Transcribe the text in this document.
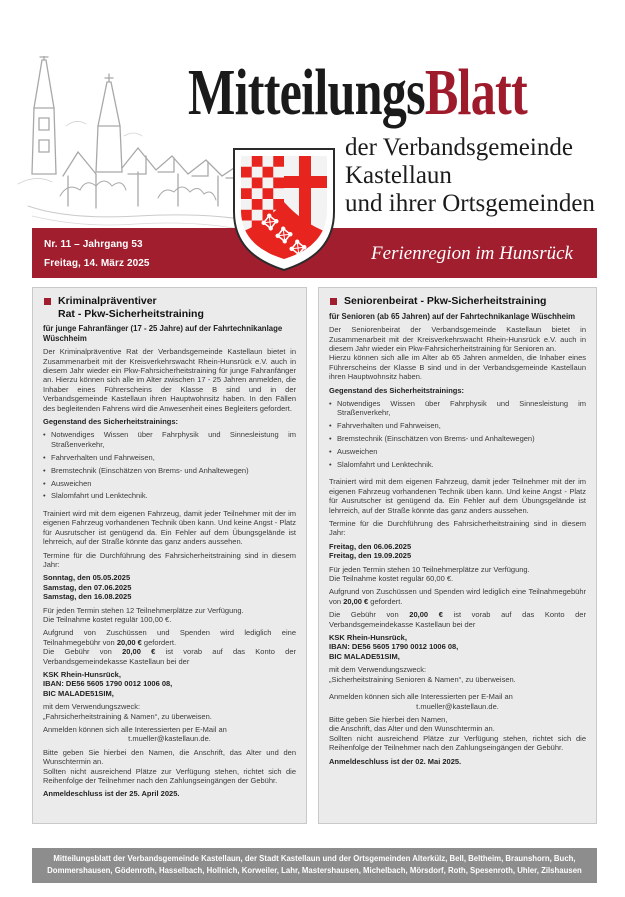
MitteilungsBlatt
der Verbandsgemeinde
Kastellaun
und ihrer Ortsgemeinden
Nr. 11 – Jahrgang 53
Freitag, 14. März 2025	Ferienregion im Hunsrück
Kriminalpräventiver
Rat - Pkw-Sicherheitstraining

für junge Fahranfänger (17 - 25 Jahre) auf der Fahrtechnikanlage Wüschheim

Der Kriminalpräventive Rat der Verbandsgemeinde Kastellaun bietet in Zusammenarbeit mit der Kreisverkehrswacht Rhein-Hunsrück e.V. auch in diesem Jahr wieder ein Pkw-Fahrsicherheitstraining für junge Fahranfänger an. Hierzu können sich alle im Alter zwischen 17 - 25 Jahren anmelden, die Inhaber eines Führerscheins der Klasse B sind und in der Verbandsgemeinde Kastellaun ihren Hauptwohnsitz haben. In den Fällen des begleitenden Fahrens wird die Anwesenheit eines Begleiters gefordert.

Gegenstand des Sicherheitstrainings:

• Notwendiges Wissen über Fahrphysik und Sinnesleistung im Straßenverkehr,
• Fahrverhalten und Fahrweisen,
• Bremstechnik (Einschätzen von Brems- und Anhaltewegen)
• Ausweichen
• Slalomfahrt und Lenktechnik.

Trainiert wird mit dem eigenen Fahrzeug, damit jeder Teilnehmer mit der im eigenen Fahrzeug vorhandenen Technik üben kann. Und keine Angst - Platz für Ausrutscher ist genügend da. Ein Fehler auf dem Übungsgelände ist lehrreich, auf der Straße könnte das ganz anders aussehen.

Termine für die Durchführung des Fahrsicherheitstraining sind in diesem Jahr:

Sonntag, den 05.05.2025
Samstag, den 07.06.2025
Samstag, den 16.08.2025

Für jeden Termin stehen 12 Teilnehmerplätze zur Verfügung.
Die Teilnahme kostet regulär 100,00 €.

Aufgrund von Zuschüssen und Spenden wird lediglich eine Teilnahmegebühr von 20,00 € gefordert.

Die Gebühr von 20,00 € ist vorab auf das Konto der Verbandsgemeindekasse Kastellaun bei der

KSK Rhein-Hunsrück,
IBAN: DE56 5605 1790 0012 1006 08,
BIC MALADE51SIM,

mit dem Verwendungszweck:
„Fahrsicherheitstraining & Namen“, zu überweisen.

Anmelden können sich alle Interessierten per E-Mail an
t.mueller@kastellaun.de.

Bitte geben Sie hierbei den Namen, die Anschrift, das Alter und den Wunschtermin an.

Sollten nicht ausreichend Plätze zur Verfügung stehen, richtet sich die Reihenfolge der Teilnehmer nach den Zahlungseingängen der Gebühr.

Anmeldeschluss ist der 25. April 2025.

Seniorenbeirat - Pkw-Sicherheitstraining

für Senioren (ab 65 Jahren) auf der Fahrtechnikanlage Wüschheim

Der Seniorenbeirat der Verbandsgemeinde Kastellaun bietet in Zusammenarbeit mit der Kreisverkehrswacht Rhein-Hunsrück e.V. auch in diesem Jahr wieder ein Pkw-Fahrsicherheitstraining für Senioren an.

Hierzu können sich alle im Alter ab 65 Jahren anmelden, die Inhaber eines Führerscheins der Klasse B sind und in der Verbandsgemeinde Kastellaun ihren Hauptwohnsitz haben.

Gegenstand des Sicherheitstrainings:

• Notwendiges Wissen über Fahrphysik und Sinnesleistung im Straßenverkehr,
• Fahrverhalten und Fahrweisen,
• Bremstechnik (Einschätzen von Brems- und Anhaltewegen)
• Ausweichen
• Slalomfahrt und Lenktechnik.

Trainiert wird mit dem eigenen Fahrzeug, damit jeder Teilnehmer mit der im eigenen Fahrzeug vorhandenen Technik üben kann. Und keine Angst - Platz für Ausrutscher ist genügend da. Ein Fehler auf dem Übungsgelände ist lehrreich, auf der Straße könnte das ganz anders aussehen.

Termine für die Durchführung des Fahrsicherheitstraining sind in diesem Jahr:

Freitag, den 06.06.2025
Freitag, den 19.09.2025

Für jeden Termin stehen 10 Teilnehmerplätze zur Verfügung.
Die Teilnahme kostet regulär 60,00 €.

Aufgrund von Zuschüssen und Spenden wird lediglich eine Teilnahmegebühr von 20,00 € gefordert.

Die Gebühr von 20,00 € ist vorab auf das Konto der Verbandsgemeindekasse Kastellaun bei der

KSK Rhein-Hunsrück,
IBAN: DE56 5605 1790 0012 1006 08,
BIC MALADE51SIM,

mit dem Verwendungszweck:
„Sicherheitstraining Senioren & Namen“, zu überweisen.

Anmelden können sich alle Interessierten per E-Mail an
t.mueller@kastellaun.de.

Bitte geben Sie hierbei den Namen,
die Anschrift, das Alter und den Wunschtermin an.

Sollten nicht ausreichend Plätze zur Verfügung stehen, richtet sich die Reihenfolge der Teilnehmer nach den Zahlungseingängen der Gebühr.

Anmeldeschluss ist der 02. Mai 2025.

Mitteilungsblatt der Verbandsgemeinde Kastellaun, der Stadt Kastellaun und der Ortsgemeinden Alterkülz, Bell, Beltheim, Braunshorn, Buch, Dommershausen, Gödenroth, Hasselbach, Hollnich, Korweiler, Lahr, Mastershausen, Michelbach, Mörsdorf, Roth, Spesenroth, Uhler, Zilshausen
